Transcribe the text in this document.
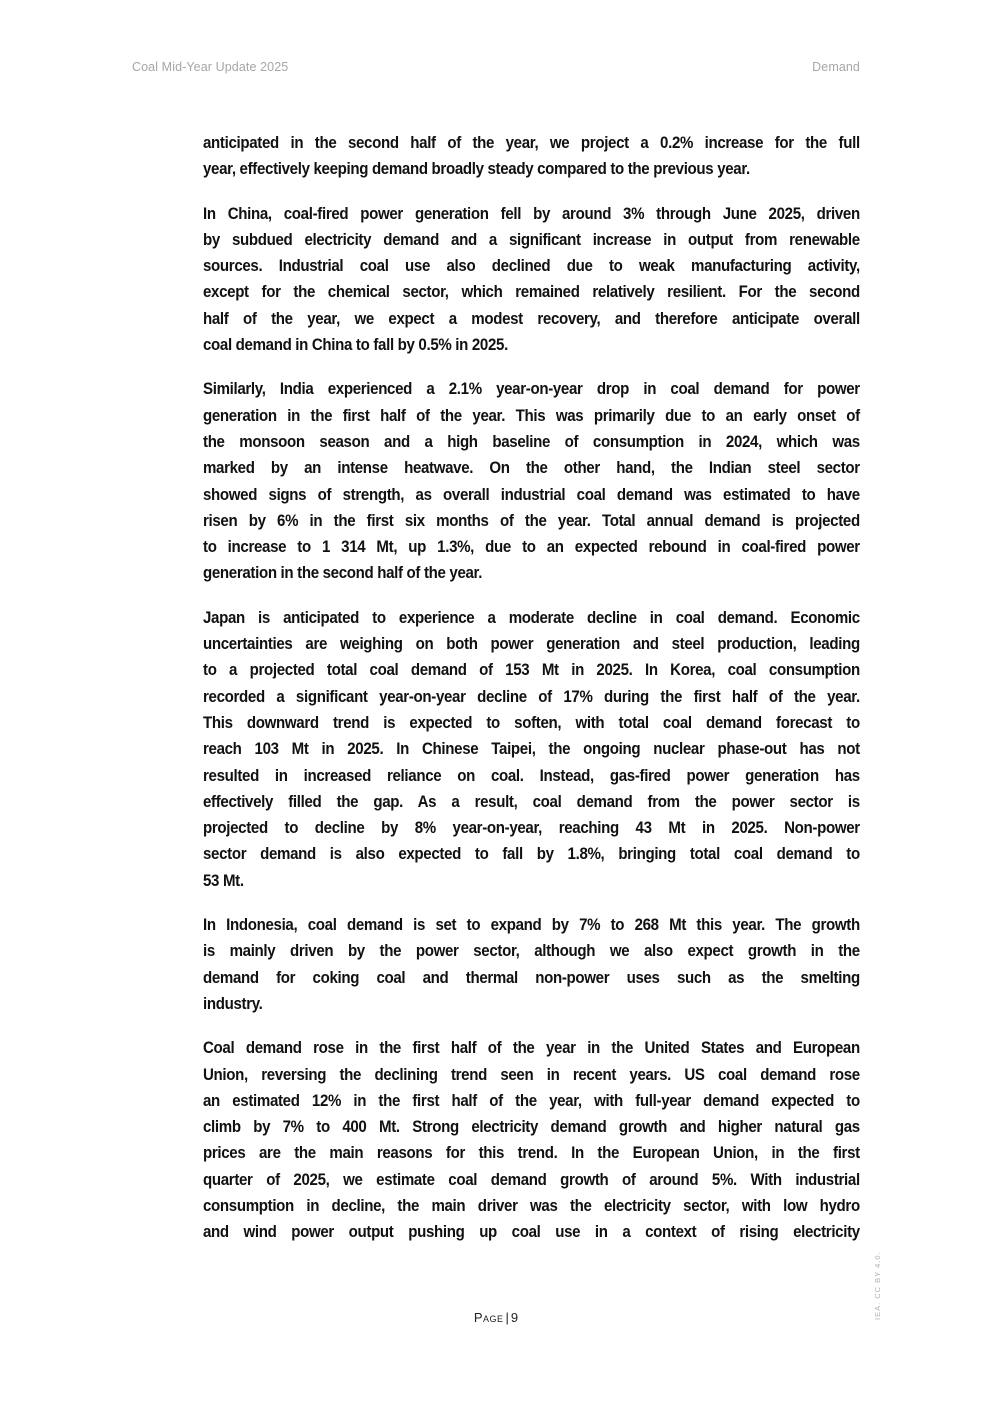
Coal Mid-Year Update 2025	Demand
anticipated in the second half of the year, we project a 0.2% increase for the full
year, effectively keeping demand broadly steady compared to the previous year.
In China, coal-fired power generation fell by around 3% through June 2025, driven
by subdued electricity demand and a significant increase in output from renewable
sources. Industrial coal use also declined due to weak manufacturing activity,
except for the chemical sector, which remained relatively resilient. For the second
half of the year, we expect a modest recovery, and therefore anticipate overall
coal demand in China to fall by 0.5% in 2025.
Similarly, India experienced a 2.1% year-on-year drop in coal demand for power
generation in the first half of the year. This was primarily due to an early onset of
the monsoon season and a high baseline of consumption in 2024, which was
marked by an intense heatwave. On the other hand, the Indian steel sector
showed signs of strength, as overall industrial coal demand was estimated to have
risen by 6% in the first six months of the year. Total annual demand is projected
to increase to 1 314 Mt, up 1.3%, due to an expected rebound in coal-fired power
generation in the second half of the year.
Japan is anticipated to experience a moderate decline in coal demand. Economic
uncertainties are weighing on both power generation and steel production, leading
to a projected total coal demand of 153 Mt in 2025. In Korea, coal consumption
recorded a significant year-on-year decline of 17% during the first half of the year.
This downward trend is expected to soften, with total coal demand forecast to
reach 103 Mt in 2025. In Chinese Taipei, the ongoing nuclear phase-out has not
resulted in increased reliance on coal. Instead, gas-fired power generation has
effectively filled the gap. As a result, coal demand from the power sector is
projected to decline by 8% year-on-year, reaching 43 Mt in 2025. Non-power
sector demand is also expected to fall by 1.8%, bringing total coal demand to
53 Mt.
In Indonesia, coal demand is set to expand by 7% to 268 Mt this year. The growth
is mainly driven by the power sector, although we also expect growth in the
demand for coking coal and thermal non-power uses such as the smelting
industry.
Coal demand rose in the first half of the year in the United States and European
Union, reversing the declining trend seen in recent years. US coal demand rose
an estimated 12% in the first half of the year, with full-year demand expected to
climb by 7% to 400 Mt. Strong electricity demand growth and higher natural gas
prices are the main reasons for this trend. In the European Union, in the first
quarter of 2025, we estimate coal demand growth of around 5%. With industrial
consumption in decline, the main driver was the electricity sector, with low hydro
and wind power output pushing up coal use in a context of rising electricity
Page | 9	IEA. CC BY 4.0.
